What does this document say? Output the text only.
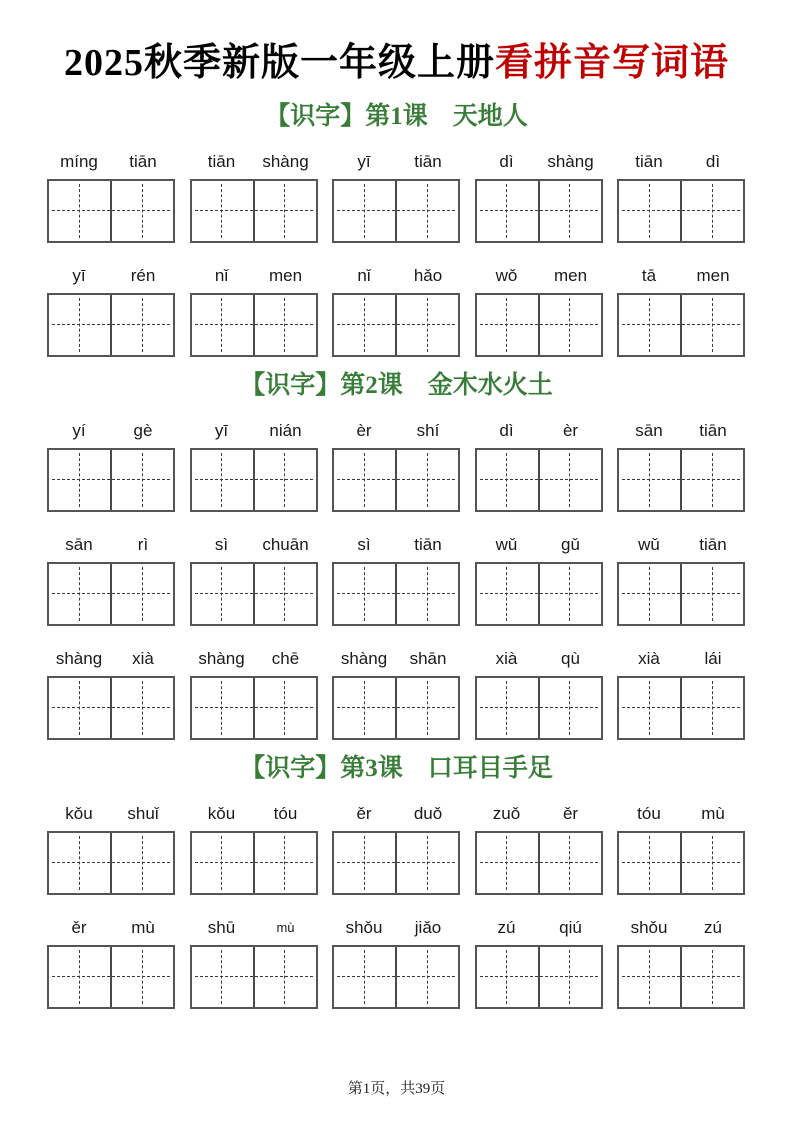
2025秋季新版一年级上册看拼音写词语
【识字】第1课　天地人
míng	tiān	tiān	shàng	yī	tiān	dì	shàng	tiān	dì
yī	rén	nǐ	men	nǐ	hǎo	wǒ	men	tā	men
【识字】第2课　金木水火土
yí	gè	yī	nián	èr	shí	dì	èr	sān	tiān
sān	rì	sì	chuān	sì	tiān	wǔ	gǔ	wǔ	tiān
shàng	xià	shàng	chē	shàng	shān	xià	qù	xià	lái
【识字】第3课　口耳目手足
kǒu	shuǐ	kǒu	tóu	ěr	duǒ	zuǒ	ěr	tóu	mù
ěr	mù	shū	mù	shǒu	jiǎo	zú	qiú	shǒu	zú
第1页，共39页
